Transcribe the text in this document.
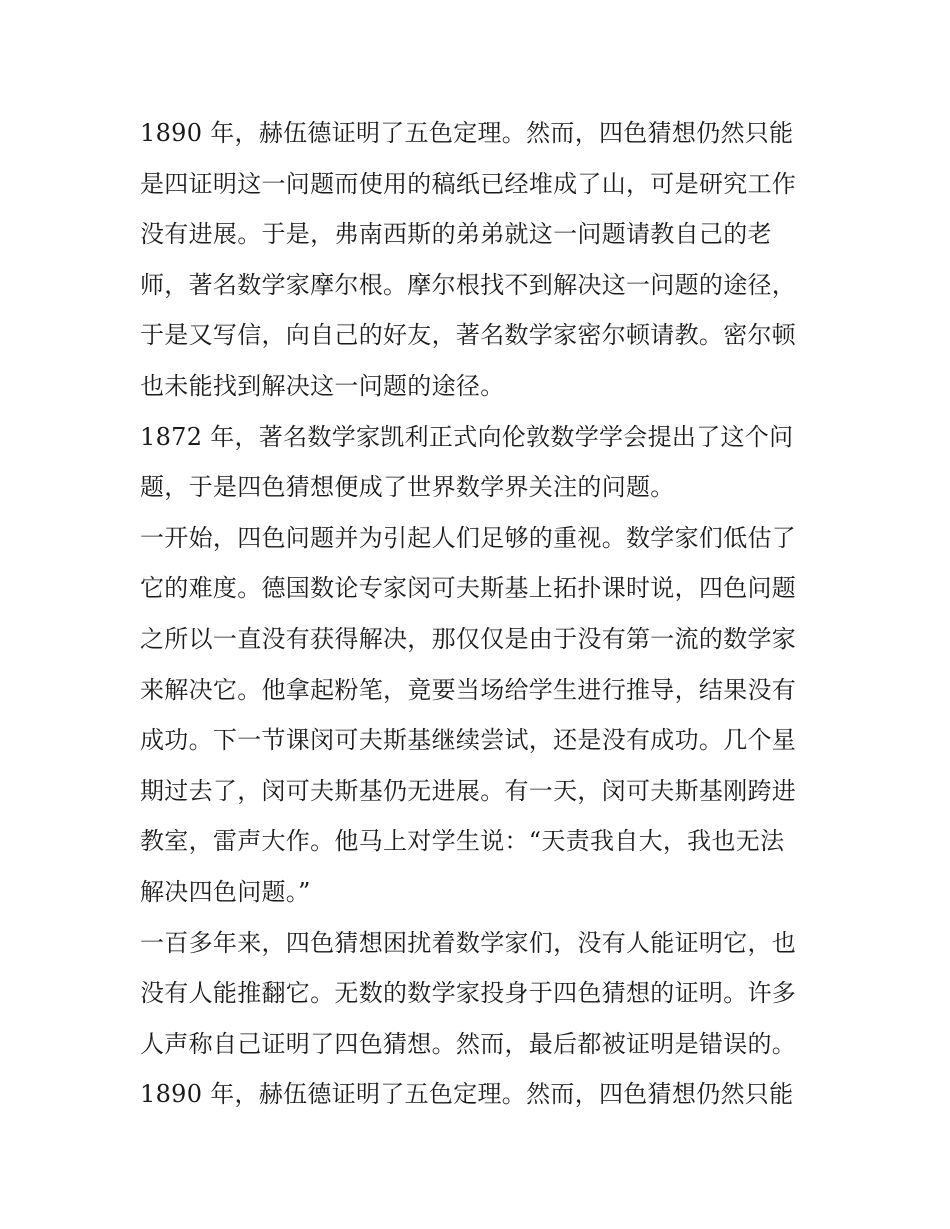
1890 年，赫伍德证明了五色定理。然而，四色猜想仍然只能
是四证明这一问题而使用的稿纸已经堆成了山，可是研究工作
没有进展。于是，弗南西斯的弟弟就这一问题请教自己的老
师，著名数学家摩尔根。摩尔根找不到解决这一问题的途径，
于是又写信，向自己的好友，著名数学家密尔顿请教。密尔顿
也未能找到解决这一问题的途径。
1872 年，著名数学家凯利正式向伦敦数学学会提出了这个问
题，于是四色猜想便成了世界数学界关注的问题。
一开始，四色问题并为引起人们足够的重视。数学家们低估了
它的难度。德国数论专家闵可夫斯基上拓扑课时说，四色问题
之所以一直没有获得解决，那仅仅是由于没有第一流的数学家
来解决它。他拿起粉笔，竟要当场给学生进行推导，结果没有
成功。下一节课闵可夫斯基继续尝试，还是没有成功。几个星
期过去了，闵可夫斯基仍无进展。有一天，闵可夫斯基刚跨进
教室，雷声大作。他马上对学生说：“天责我自大，我也无法
解决四色问题。”
一百多年来，四色猜想困扰着数学家们，没有人能证明它，也
没有人能推翻它。无数的数学家投身于四色猜想的证明。许多
人声称自己证明了四色猜想。然而，最后都被证明是错误的。
1890 年，赫伍德证明了五色定理。然而，四色猜想仍然只能
